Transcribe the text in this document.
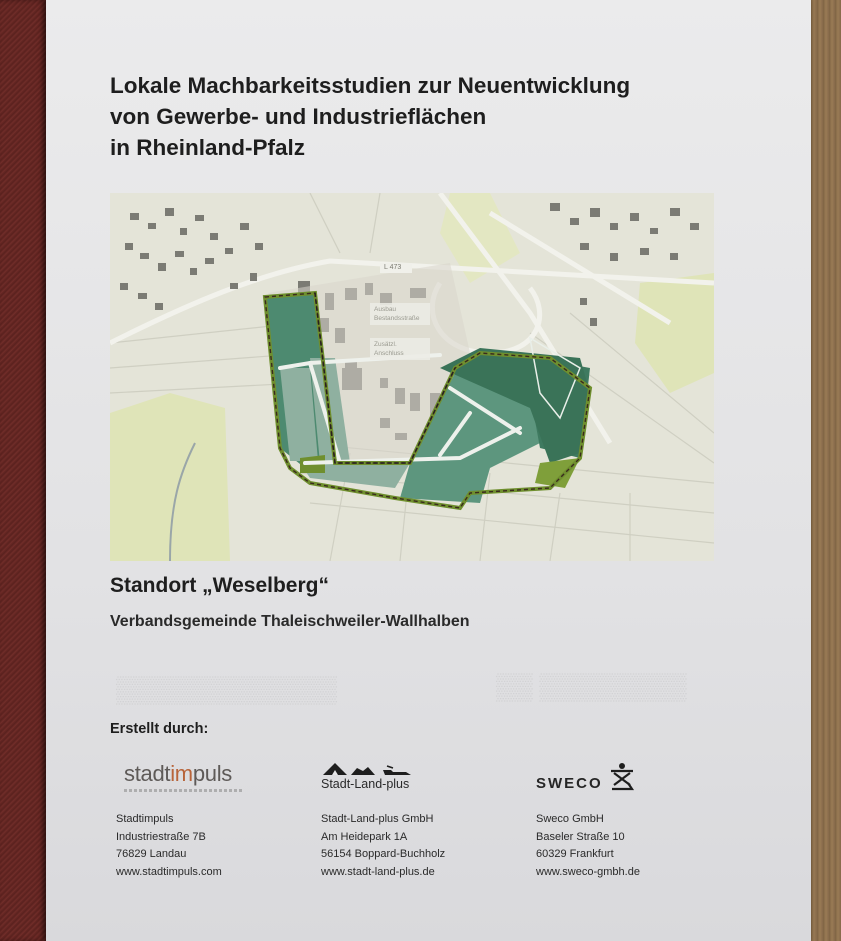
▒▒▒▒▒▒▒▒▒▒▒▒	▒▒ ▒▒▒▒▒▒▒▒
Lokale Machbarkeitsstudien zur Neuentwicklung
von Gewerbe- und Industrieflächen
in Rheinland-Pfalz
L 473
Ausbau
Bestandsstraße
Zusätzl.
Anschluss
Standort „Weselberg“
Verbandsgemeinde Thaleischweiler-Wallhalben

Erstellt durch:

stadtimpuls
Stadtimpuls
Industriestraße 7B
76829 Landau
www.stadtimpuls.com
Stadt-Land-plus
Stadt-Land-plus GmbH
Am Heidepark 1A
56154 Boppard-Buchholz
www.stadt-land-plus.de
SWECO
Sweco GmbH
Baseler Straße 10
60329 Frankfurt
www.sweco-gmbh.de
